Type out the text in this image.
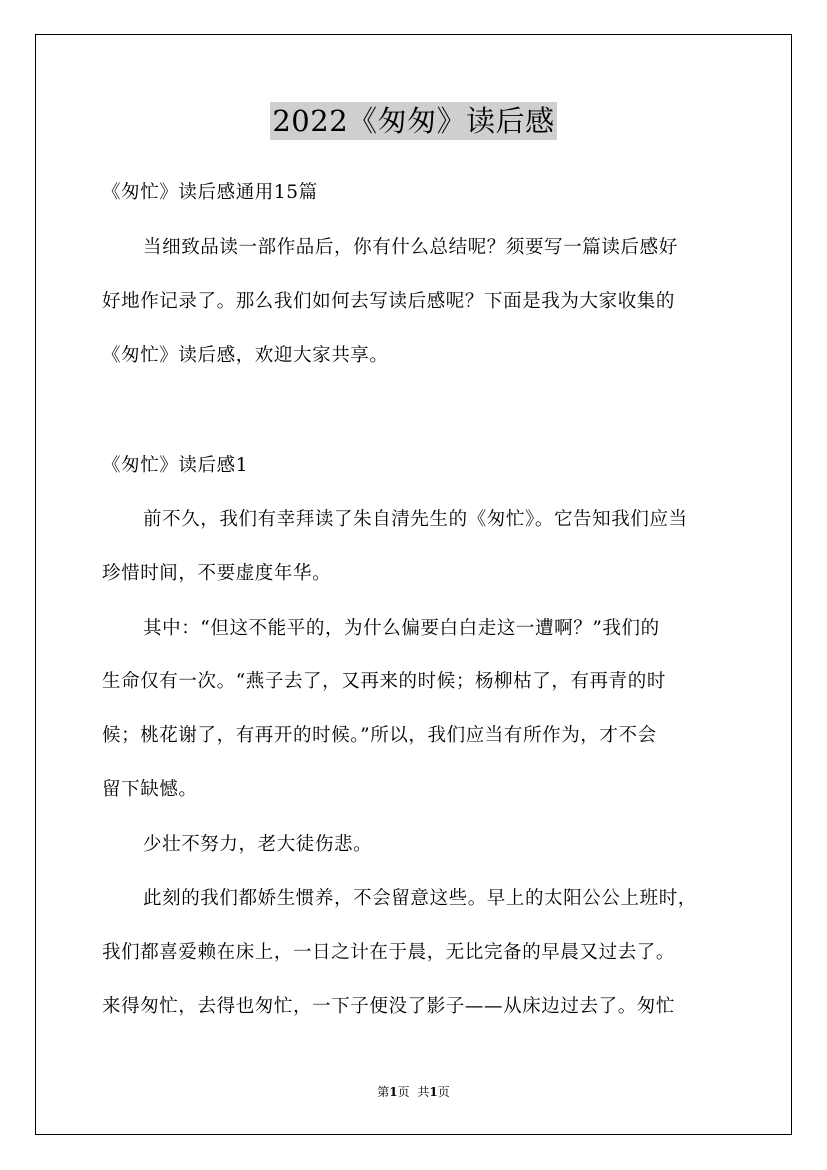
2022《匆匆》读后感
《匆忙》读后感通用15篇
当细致品读一部作品后，你有什么总结呢？须要写一篇读后感好
好地作记录了。那么我们如何去写读后感呢？下面是我为大家收集的
《匆忙》读后感，欢迎大家共享。
《匆忙》读后感1
前不久，我们有幸拜读了朱自清先生的《匆忙》。它告知我们应当
珍惜时间，不要虚度年华。
其中：“但这不能平的，为什么偏要白白走这一遭啊？”我们的
生命仅有一次。“燕子去了，又再来的时候；杨柳枯了，有再青的时
候；桃花谢了，有再开的时候。”所以，我们应当有所作为，才不会
留下缺憾。
少壮不努力，老大徒伤悲。
此刻的我们都娇生惯养，不会留意这些。早上的太阳公公上班时，
我们都喜爱赖在床上，一日之计在于晨，无比完备的早晨又过去了。
来得匆忙，去得也匆忙，一下子便没了影子——从床边过去了。匆忙
第1页 共1页
